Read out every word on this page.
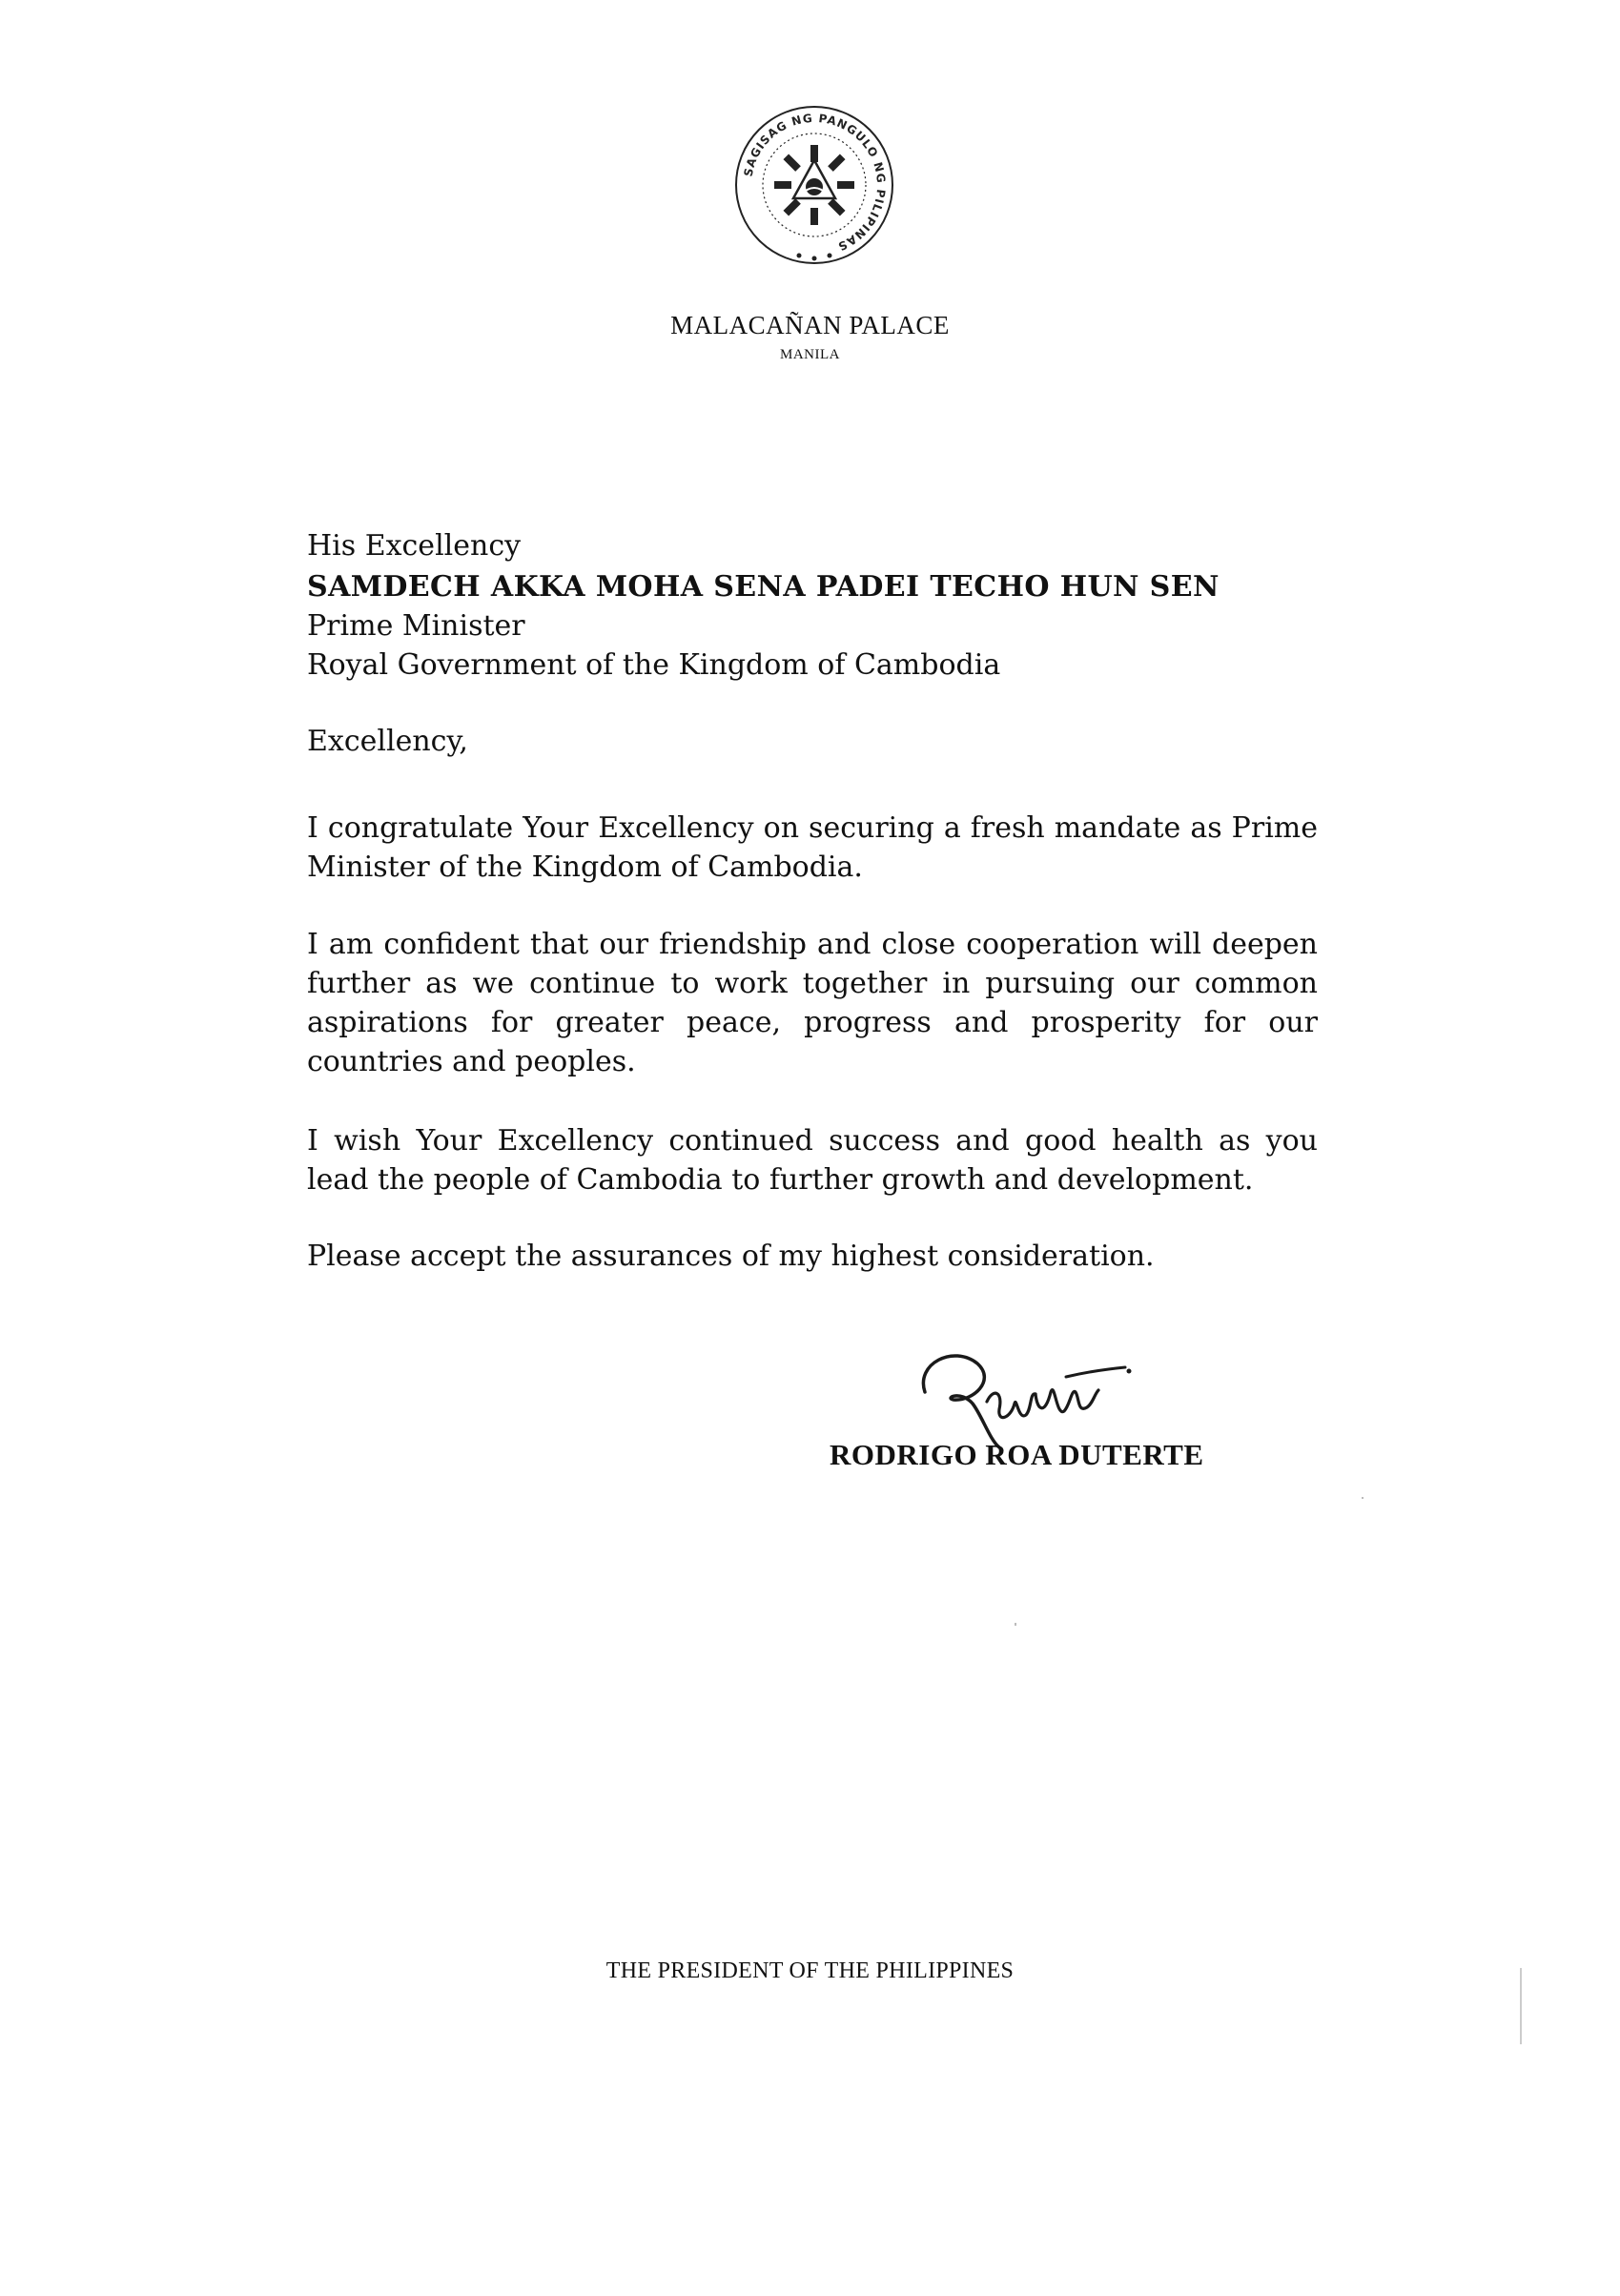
SAGISAG NG PANGULO NG PILIPINAS
MALACAÑAN PALACE
MANILA
His Excellency
SAMDECH AKKA MOHA SENA PADEI TECHO HUN SEN
Prime Minister
Royal Government of the Kingdom of Cambodia
Excellency,
I congratulate Your Excellency on securing a fresh mandate as Prime Minister of the Kingdom of Cambodia.
I am confident that our friendship and close cooperation will deepen further as we continue to work together in pursuing our common aspirations for greater peace, progress and prosperity for our countries and peoples.
I wish Your Excellency continued success and good health as you lead the people of Cambodia to further growth and development.
Please accept the assurances of my highest consideration.
RODRIGO ROA DUTERTE
THE PRESIDENT OF THE PHILIPPINES
